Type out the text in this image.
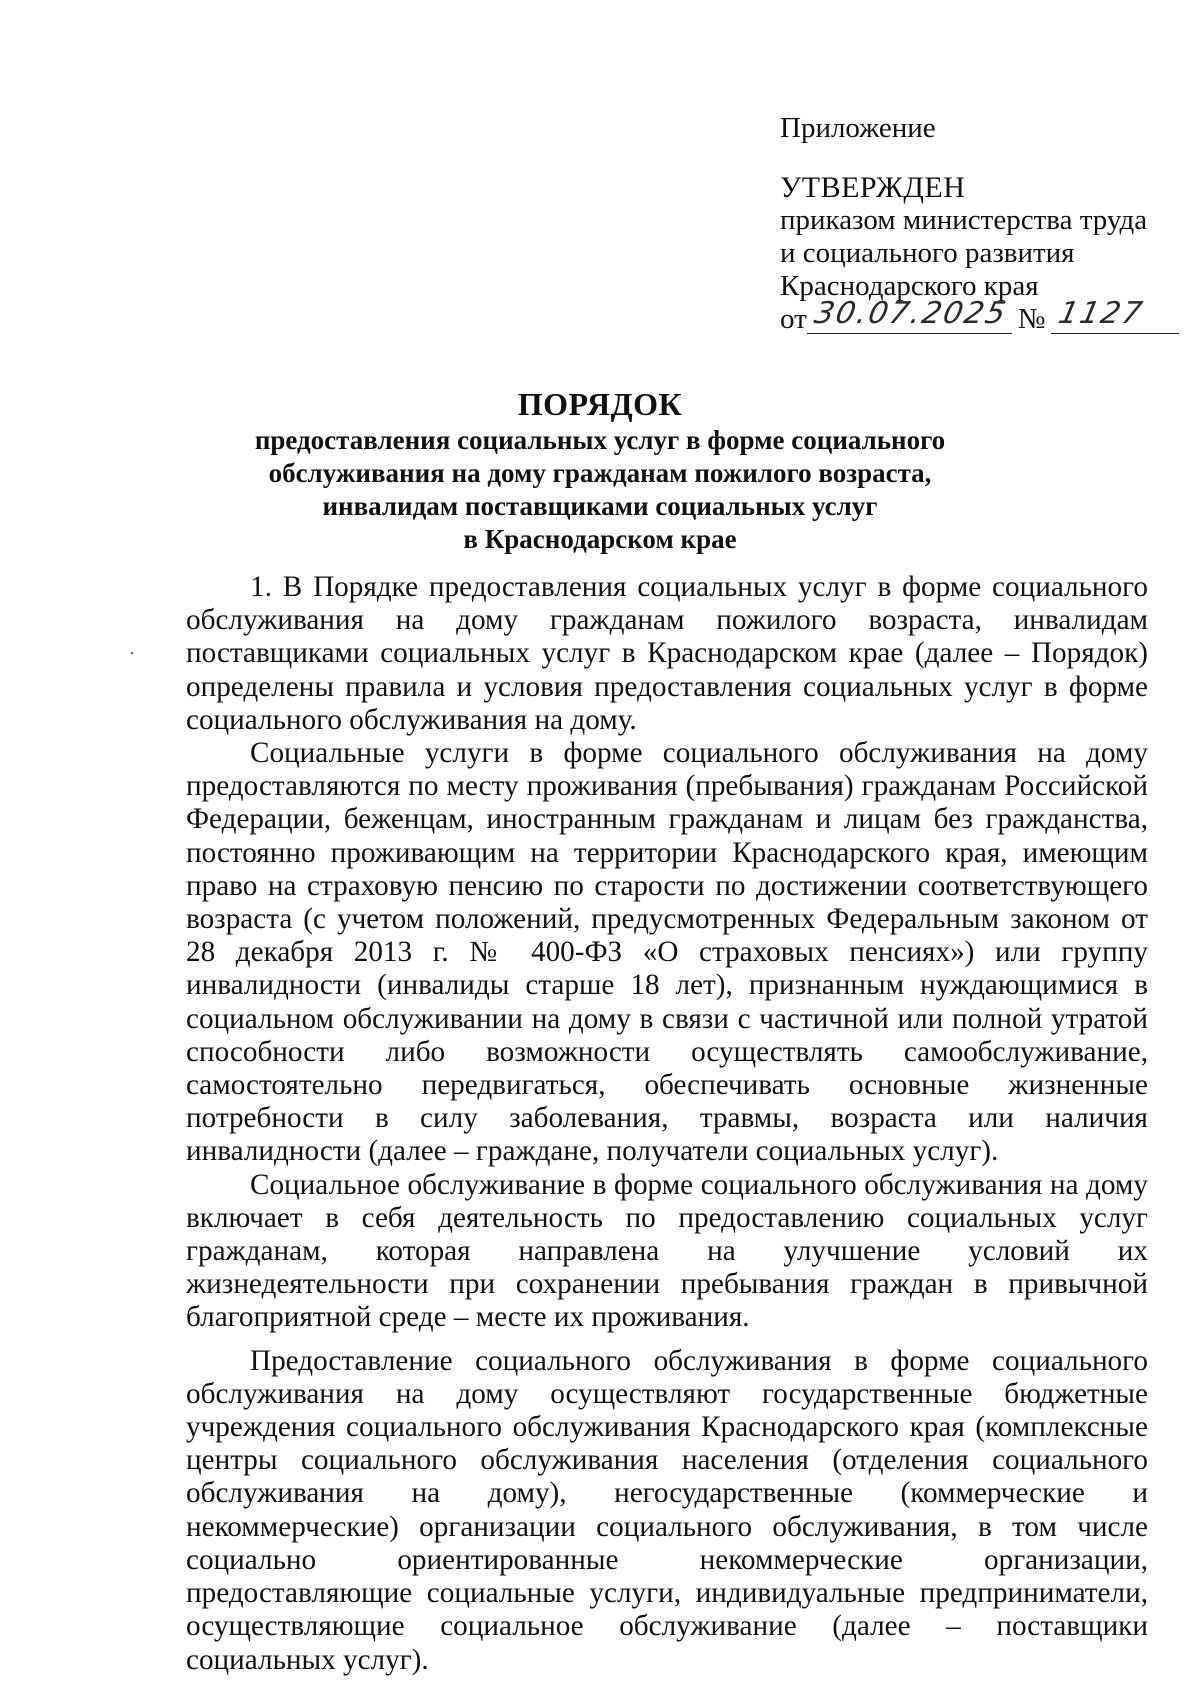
Приложение
УТВЕРЖДЕН
приказом министерства труда
и социального развития
Краснодарского края
от 30.07.2025 № 1127
ПОРЯДОК
предоставления социальных услуг в форме социального
обслуживания на дому гражданам пожилого возраста,
инвалидам поставщиками социальных услуг
в Краснодарском крае

1. В Порядке предоставления социальных услуг в форме социального обслуживания на дому гражданам пожилого возраста, инвалидам поставщиками социальных услуг в Краснодарском крае (далее – Порядок) определены правила и условия предоставления социальных услуг в форме социального обслуживания на дому.

Социальные услуги в форме социального обслуживания на дому предоставляются по месту проживания (пребывания) гражданам Российской Федерации, беженцам, иностранным гражданам и лицам без гражданства, постоянно проживающим на территории Краснодарского края, имеющим право на страховую пенсию по старости по достижении соответствующего возраста (с учетом положений, предусмотренных Федеральным законом от 28 декабря 2013 г. № 400-ФЗ «О страховых пенсиях») или группу инвалидности (инвалиды старше 18 лет), признанным нуждающимися в социальном обслуживании на дому в связи с частичной или полной утратой способности либо возможности осуществлять самообслуживание, самостоятельно передвигаться, обеспечивать основные жизненные потребности в силу заболевания, травмы, возраста или наличия инвалидности (далее – граждане, получатели социальных услуг).

Социальное обслуживание в форме социального обслуживания на дому включает в себя деятельность по предоставлению социальных услуг гражданам, которая направлена на улучшение условий их жизнедеятельности при сохранении пребывания граждан в привычной благоприятной среде – месте их проживания.

Предоставление социального обслуживания в форме социального обслуживания на дому осуществляют государственные бюджетные учреждения социального обслуживания Краснодарского края (комплексные центры социального обслуживания населения (отделения социального обслуживания на дому), негосударственные (коммерческие и некоммерческие) организации социального обслуживания, в том числе социально ориентированные некоммерческие организации, предоставляющие социальные услуги, индивидуальные предприниматели, осуществляющие социальное обслуживание (далее – поставщики социальных услуг).
